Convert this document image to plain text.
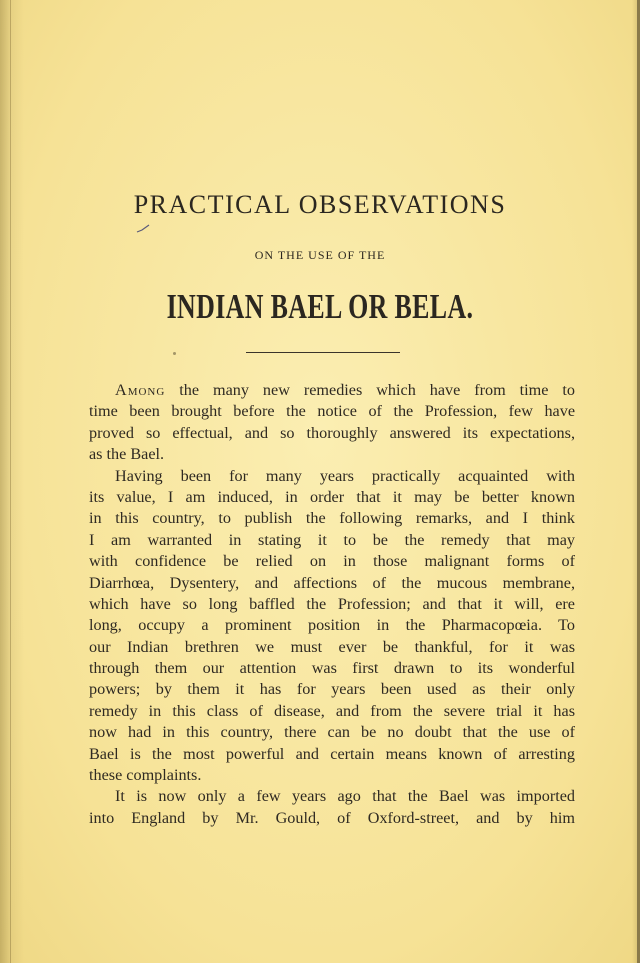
PRACTICAL OBSERVATIONS
ON THE USE OF THE
INDIAN BAEL OR BELA.
Among the many new remedies which have from time to
time been brought before the notice of the Profession, few have
proved so effectual, and so thoroughly answered its expectations,
as the Bael.
Having been for many years practically acquainted with
its value, I am induced, in order that it may be better known
in this country, to publish the following remarks, and I think
I am warranted in stating it to be the remedy that may
with confidence be relied on in those malignant forms of
Diarrhœa, Dysentery, and affections of the mucous membrane,
which have so long baffled the Profession; and that it will, ere
long, occupy a prominent position in the Pharmacopœia. To
our Indian brethren we must ever be thankful, for it was
through them our attention was first drawn to its wonderful
powers; by them it has for years been used as their only
remedy in this class of disease, and from the severe trial it has
now had in this country, there can be no doubt that the use of
Bael is the most powerful and certain means known of arresting
these complaints.
It is now only a few years ago that the Bael was imported
into England by Mr. Gould, of Oxford-street, and by him
